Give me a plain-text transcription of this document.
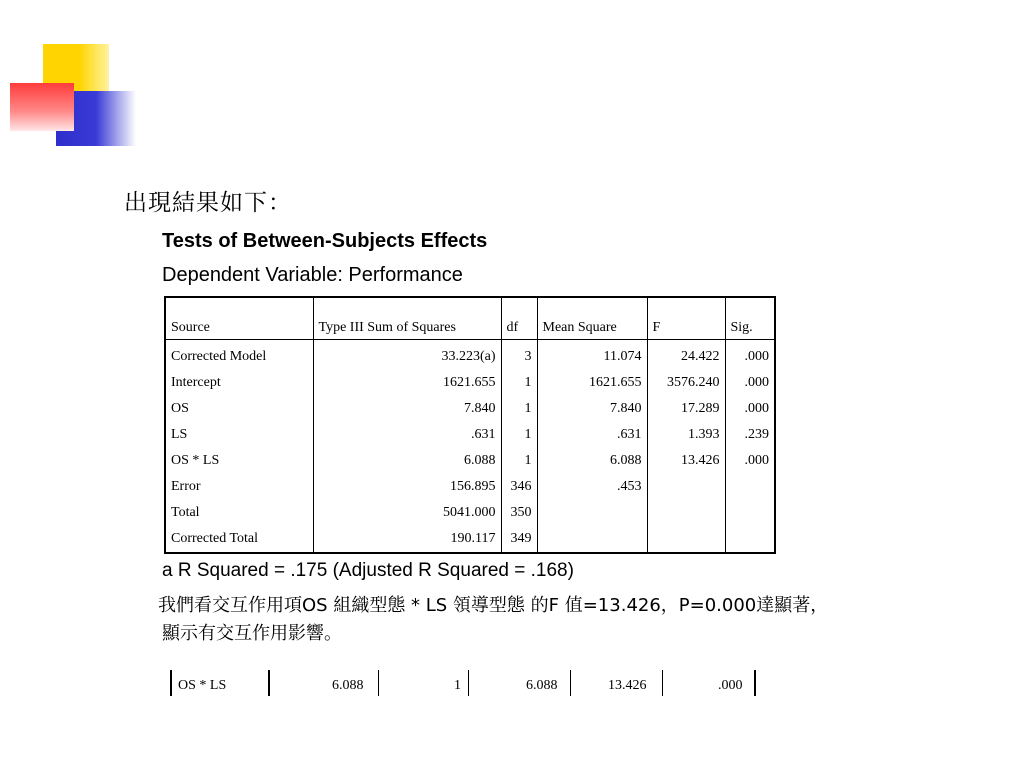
出現結果如下：
Tests of Between-Subjects Effects
Dependent Variable: Performance
Source	Type III Sum of Squares	df	Mean Square	F	Sig.
Corrected Model	33.223(a)	3	11.074	24.422	.000
Intercept	1621.655	1	1621.655	3576.240	.000
OS	7.840	1	7.840	17.289	.000
LS	.631	1	.631	1.393	.239
OS * LS	6.088	1	6.088	13.426	.000
Error	156.895	346	.453		
Total	5041.000	350			
Corrected Total	190.117	349			
a R Squared = .175 (Adjusted R Squared = .168)
我們看交互作用項OS 組織型態 * LS 領導型態 的F 值=13.426，P=0.000達顯著，
顯示有交互作用影響。
OS * LS	6.088	1	6.088	13.426	.000
